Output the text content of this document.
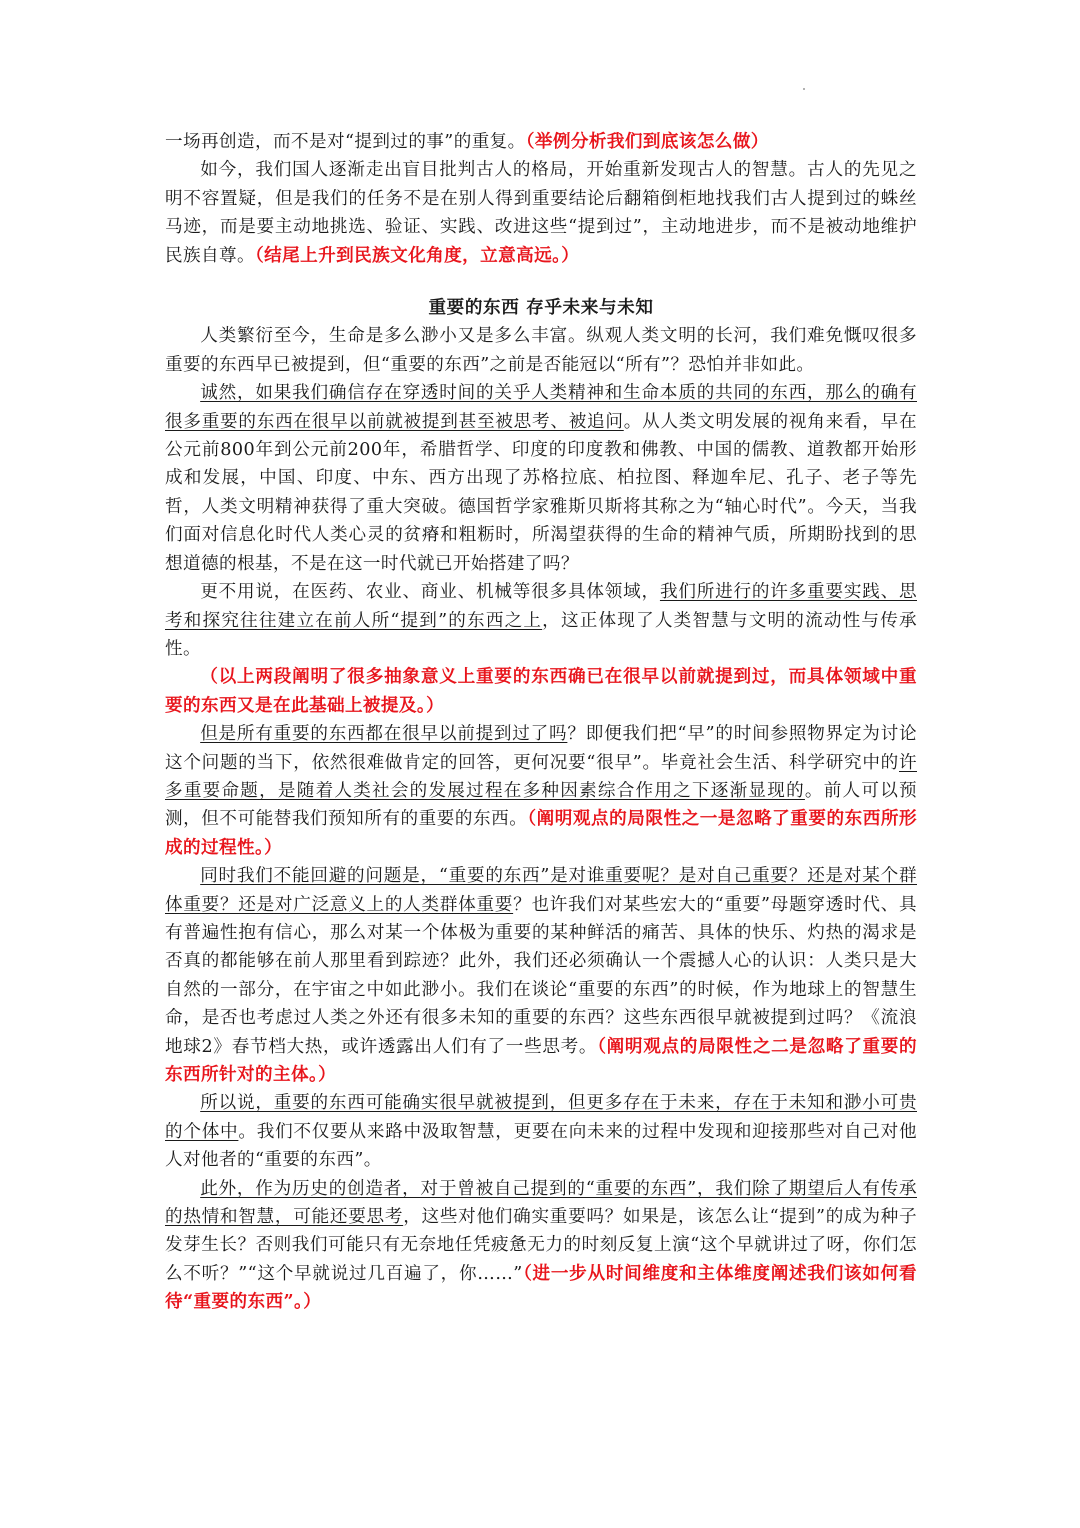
一场再创造，而不是对“提到过的事”的重复。（举例分析我们到底该怎么做）

如今，我们国人逐渐走出盲目批判古人的格局，开始重新发现古人的智慧。古人的先见之明不容置疑，但是我们的任务不是在别人得到重要结论后翻箱倒柜地找我们古人提到过的蛛丝马迹，而是要主动地挑选、验证、实践、改进这些“提到过”，主动地进步，而不是被动地维护民族自尊。（结尾上升到民族文化角度，立意高远。）

重要的东西 存乎未来与未知

人类繁衍至今，生命是多么渺小又是多么丰富。纵观人类文明的长河，我们难免慨叹很多重要的东西早已被提到，但“重要的东西”之前是否能冠以“所有”？恐怕并非如此。

诚然，如果我们确信存在穿透时间的关乎人类精神和生命本质的共同的东西，那么的确有很多重要的东西在很早以前就被提到甚至被思考、被追问。从人类文明发展的视角来看，早在公元前800年到公元前200年，希腊哲学、印度的印度教和佛教、中国的儒教、道教都开始形成和发展，中国、印度、中东、西方出现了苏格拉底、柏拉图、释迦牟尼、孔子、老子等先哲，人类文明精神获得了重大突破。德国哲学家雅斯贝斯将其称之为“轴心时代”。今天，当我们面对信息化时代人类心灵的贫瘠和粗粝时，所渴望获得的生命的精神气质，所期盼找到的思想道德的根基，不是在这一时代就已开始搭建了吗？

更不用说，在医药、农业、商业、机械等很多具体领域，我们所进行的许多重要实践、思考和探究往往建立在前人所“提到”的东西之上，这正体现了人类智慧与文明的流动性与传承性。

（以上两段阐明了很多抽象意义上重要的东西确已在很早以前就提到过，而具体领域中重要的东西又是在此基础上被提及。）

但是所有重要的东西都在很早以前提到过了吗？即便我们把“早”的时间参照物界定为讨论这个问题的当下，依然很难做肯定的回答，更何况要“很早”。毕竟社会生活、科学研究中的许多重要命题，是随着人类社会的发展过程在多种因素综合作用之下逐渐显现的。前人可以预测，但不可能替我们预知所有的重要的东西。（阐明观点的局限性之一是忽略了重要的东西所形成的过程性。）

同时我们不能回避的问题是，“重要的东西”是对谁重要呢？是对自己重要？还是对某个群体重要？还是对广泛意义上的人类群体重要？也许我们对某些宏大的“重要”母题穿透时代、具有普遍性抱有信心，那么对某一个体极为重要的某种鲜活的痛苦、具体的快乐、灼热的渴求是否真的都能够在前人那里看到踪迹？此外，我们还必须确认一个震撼人心的认识：人类只是大自然的一部分，在宇宙之中如此渺小。我们在谈论“重要的东西”的时候，作为地球上的智慧生命，是否也考虑过人类之外还有很多未知的重要的东西？这些东西很早就被提到过吗？《流浪地球2》春节档大热，或许透露出人们有了一些思考。（阐明观点的局限性之二是忽略了重要的东西所针对的主体。）

所以说，重要的东西可能确实很早就被提到，但更多存在于未来，存在于未知和渺小可贵的个体中。我们不仅要从来路中汲取智慧，更要在向未来的过程中发现和迎接那些对自己对他人对他者的“重要的东西”。

此外，作为历史的创造者，对于曾被自己提到的“重要的东西”，我们除了期望后人有传承的热情和智慧，可能还要思考，这些对他们确实重要吗？如果是，该怎么让“提到”的成为种子发芽生长？否则我们可能只有无奈地任凭疲惫无力的时刻反复上演“这个早就讲过了呀，你们怎么不听？”“这个早就说过几百遍了，你……”（进一步从时间维度和主体维度阐述我们该如何看待“重要的东西”。）
